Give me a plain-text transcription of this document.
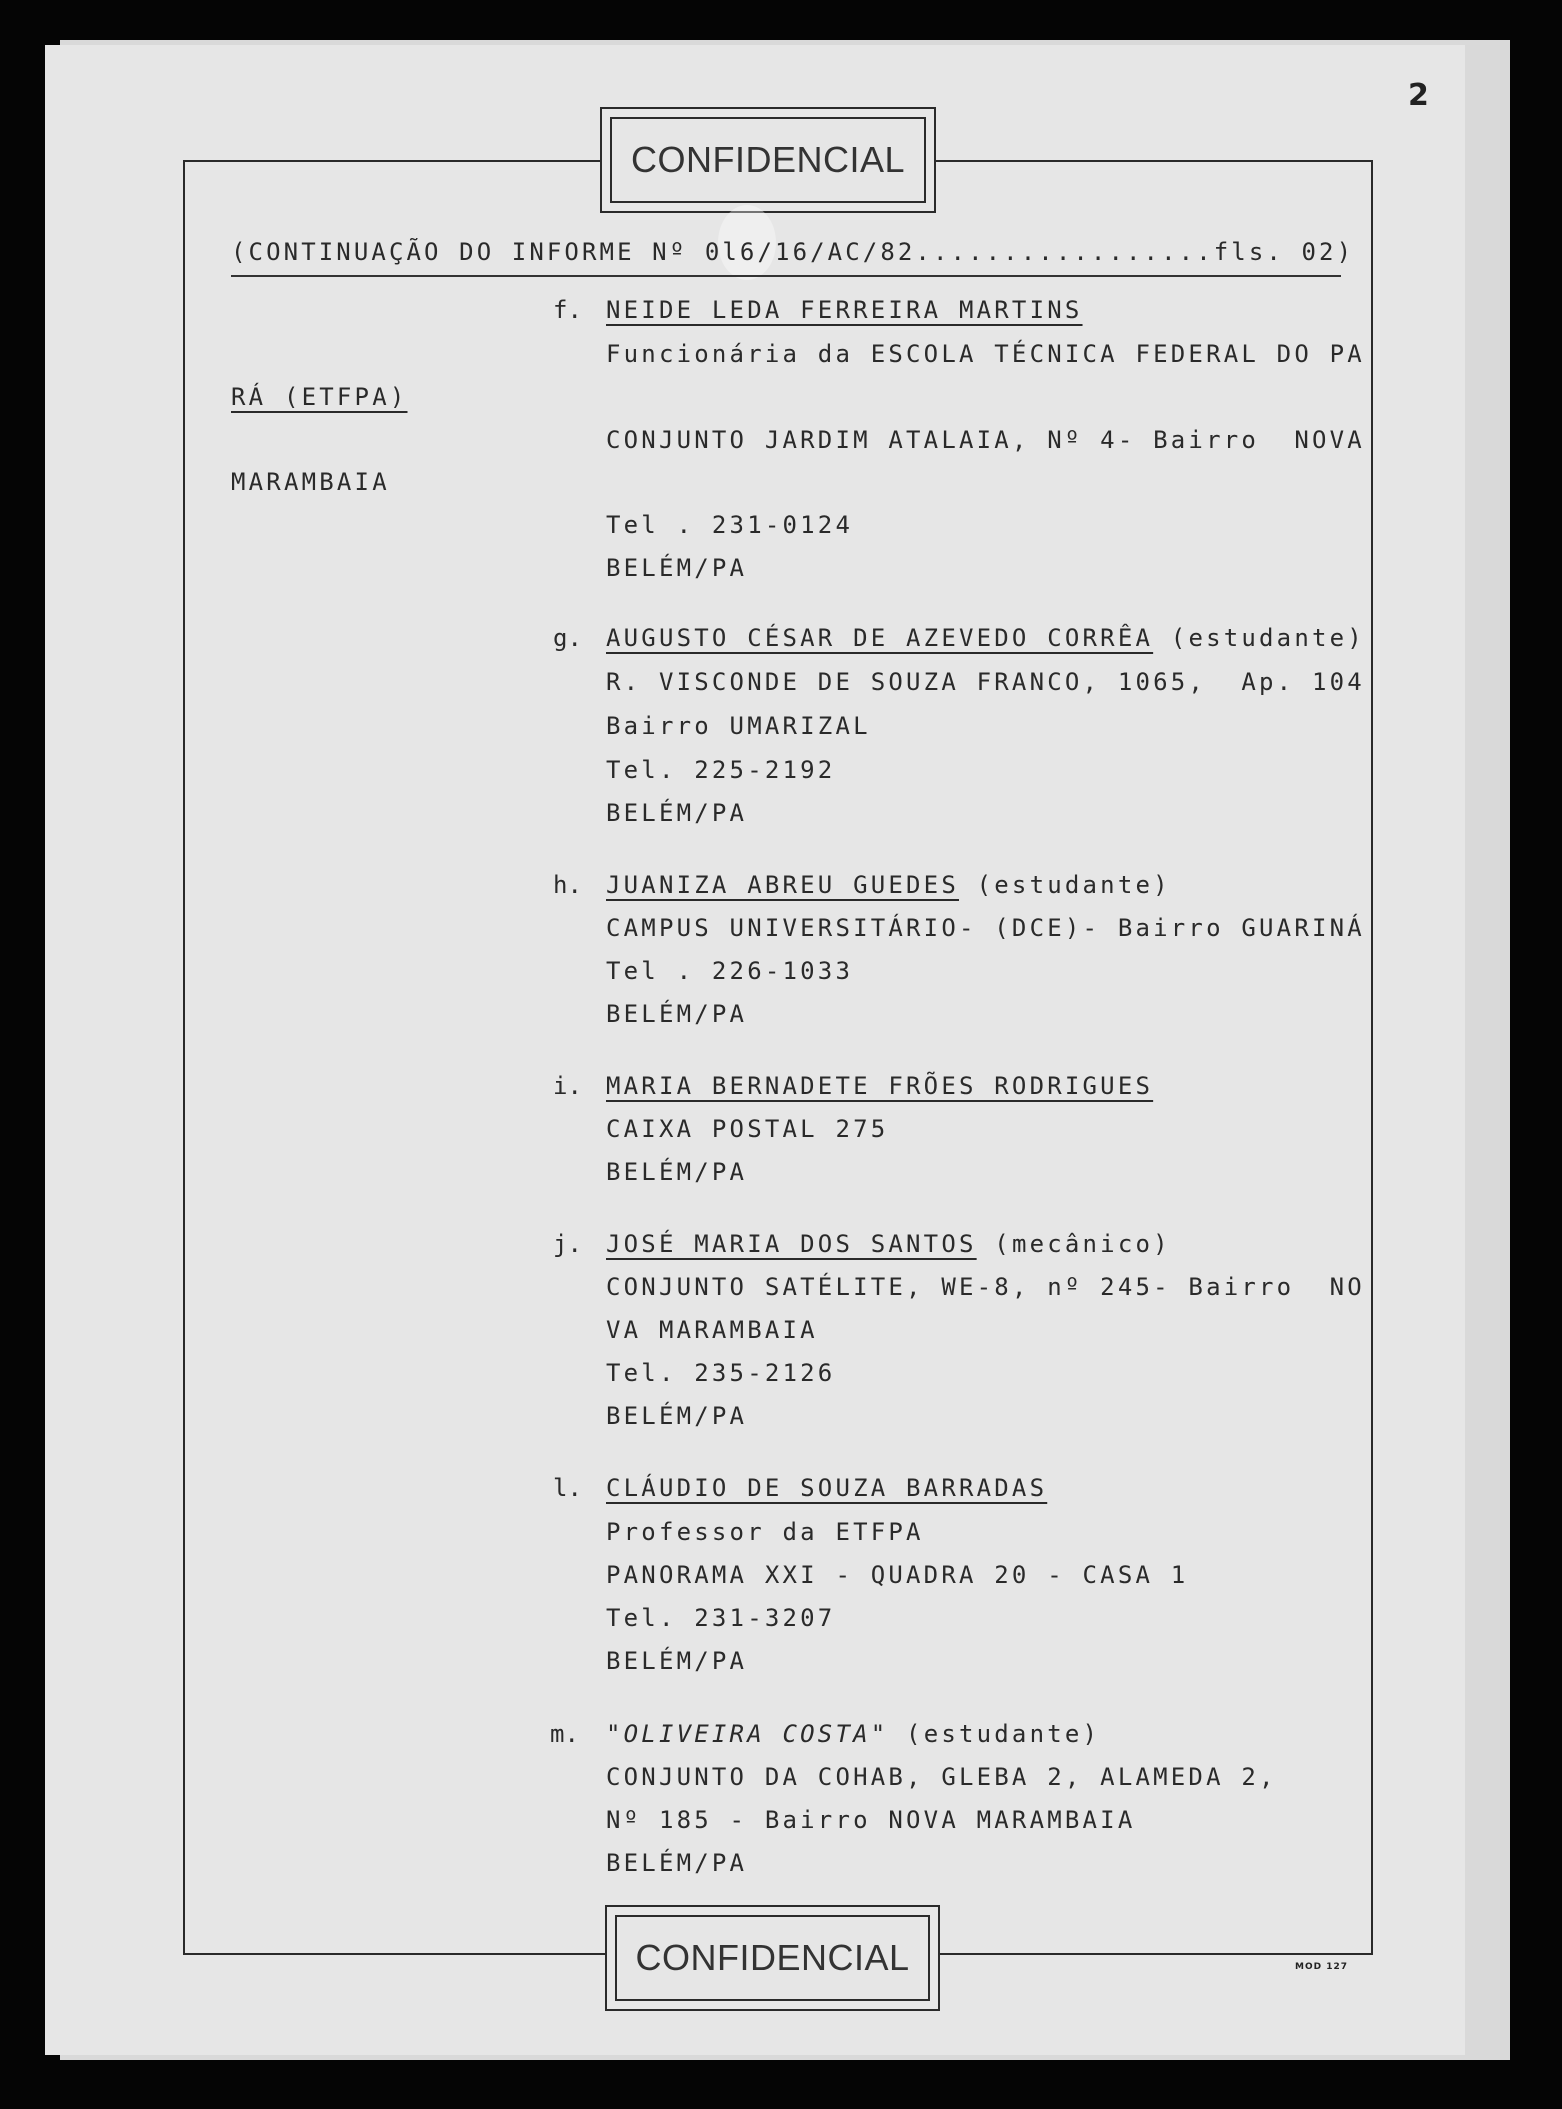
2
CONFIDENCIAL
(CONTINUAÇÃO DO INFORME Nº 0l6/16/AC/82.................fls. 02)
f. NEIDE LEDA FERREIRA MARTINS
Funcionária da ESCOLA TÉCNICA FEDERAL DO PA
RÁ (ETFPA)
CONJUNTO JARDIM ATALAIA, Nº 4- Bairro  NOVA
MARAMBAIA
Tel . 231-0124
BELÉM/PA
g. AUGUSTO CÉSAR DE AZEVEDO CORRÊA (estudante)
R. VISCONDE DE SOUZA FRANCO, 1065,  Ap. 104
Bairro UMARIZAL
Tel. 225-2192
BELÉM/PA
h. JUANIZA ABREU GUEDES (estudante)
CAMPUS UNIVERSITÁRIO- (DCE)- Bairro GUARINÁ
Tel . 226-1033
BELÉM/PA
i. MARIA BERNADETE FRÕES RODRIGUES
CAIXA POSTAL 275
BELÉM/PA
j. JOSÉ MARIA DOS SANTOS (mecânico)
CONJUNTO SATÉLITE, WE-8, nº 245- Bairro  NO
VA MARAMBAIA
Tel. 235-2126
BELÉM/PA
l. CLÁUDIO DE SOUZA BARRADAS
Professor da ETFPA
PANORAMA XXI - QUADRA 20 - CASA 1
Tel. 231-3207
BELÉM/PA
m. "OLIVEIRA COSTA" (estudante)
CONJUNTO DA COHAB, GLEBA 2, ALAMEDA 2,
Nº 185 - Bairro NOVA MARAMBAIA
BELÉM/PA
CONFIDENCIAL	MOD 127
